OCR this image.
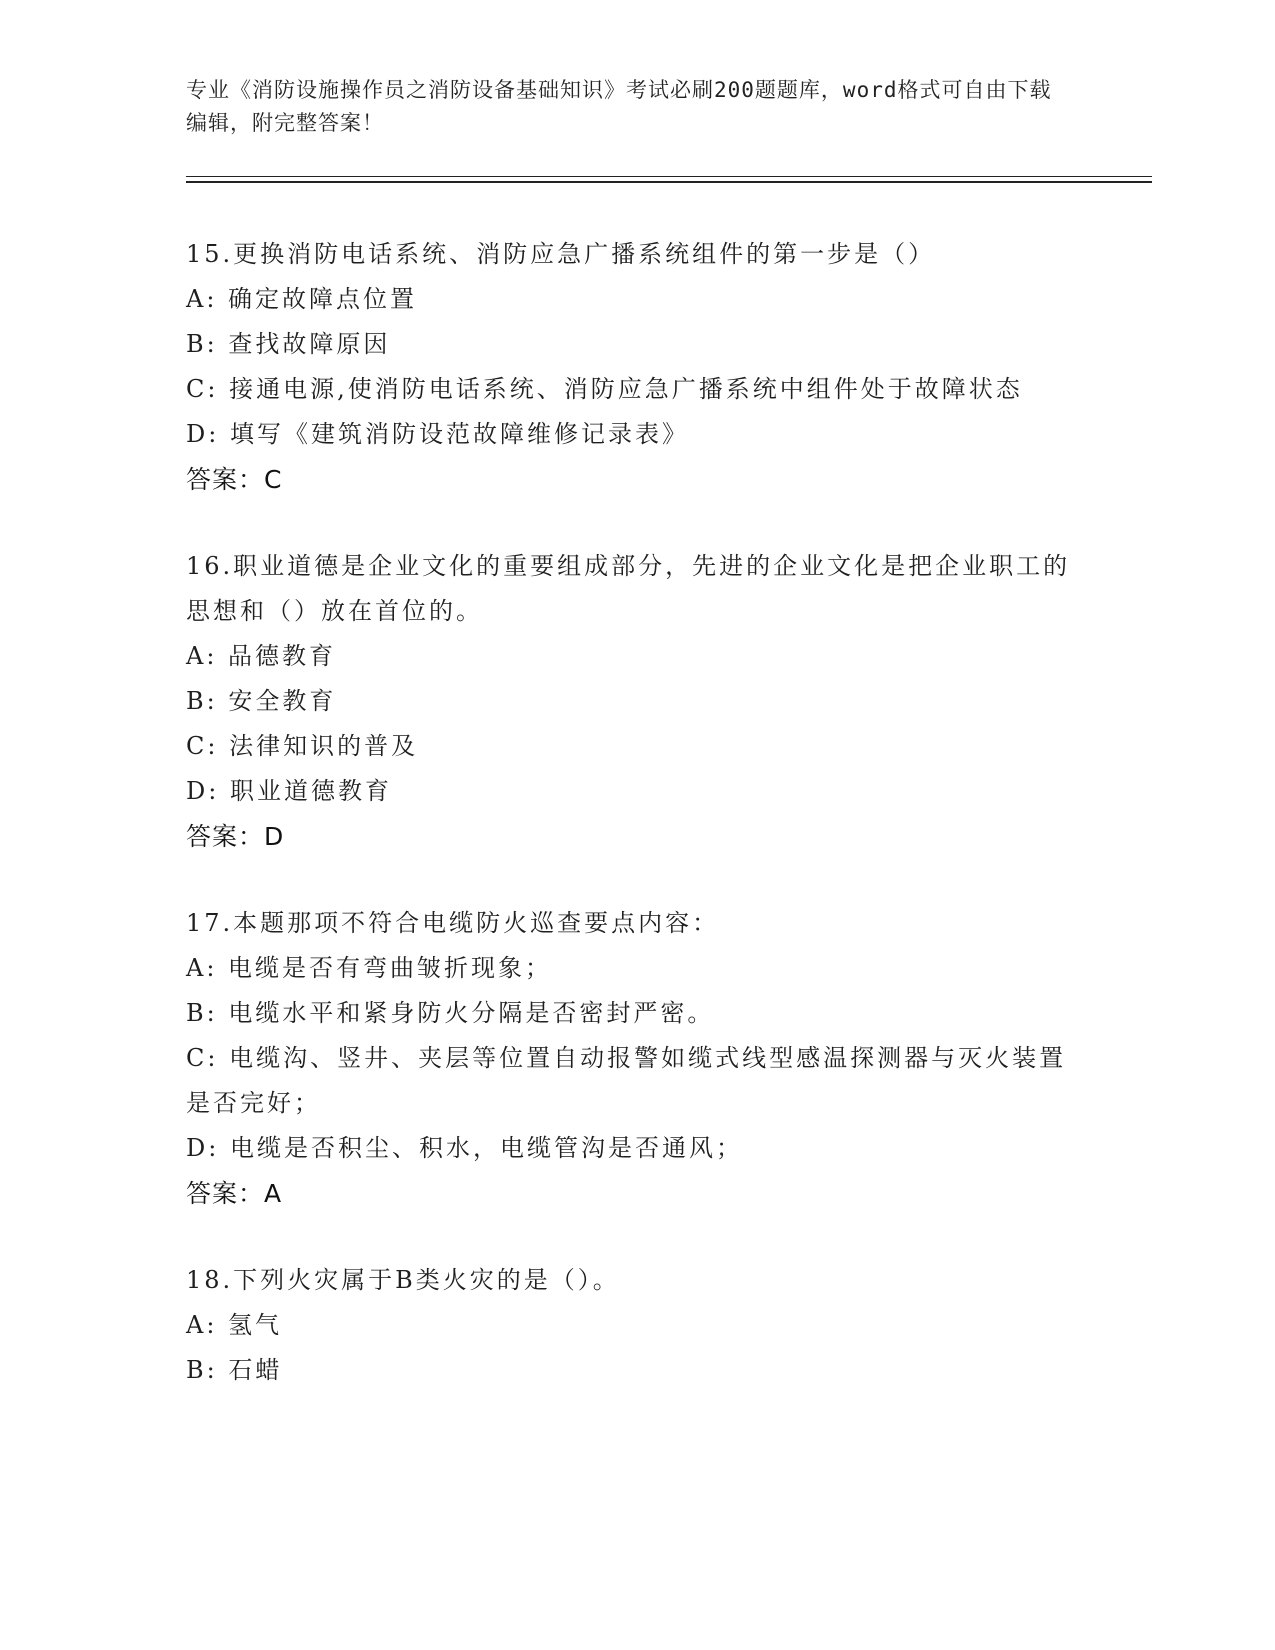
专业《消防设施操作员之消防设备基础知识》考试必刷200题题库，word格式可自由下载编辑，附完整答案！

15.更换消防电话系统、消防应急广播系统组件的第一步是（）

A: 确定故障点位置

B: 查找故障原因

C: 接通电源,使消防电话系统、消防应急广播系统中组件处于故障状态

D: 填写《建筑消防设范故障维修记录表》

答案：C

16.职业道德是企业文化的重要组成部分，先进的企业文化是把企业职工的思想和（）放在首位的。

A: 品德教育

B: 安全教育

C: 法律知识的普及

D: 职业道德教育

答案：D

17.本题那项不符合电缆防火巡查要点内容：

A: 电缆是否有弯曲皱折现象；

B: 电缆水平和紧身防火分隔是否密封严密。

C: 电缆沟、竖井、夹层等位置自动报警如缆式线型感温探测器与灭火装置是否完好；

D: 电缆是否积尘、积水，电缆管沟是否通风；

答案：A

18.下列火灾属于B类火灾的是（）。

A: 氢气

B: 石蜡
